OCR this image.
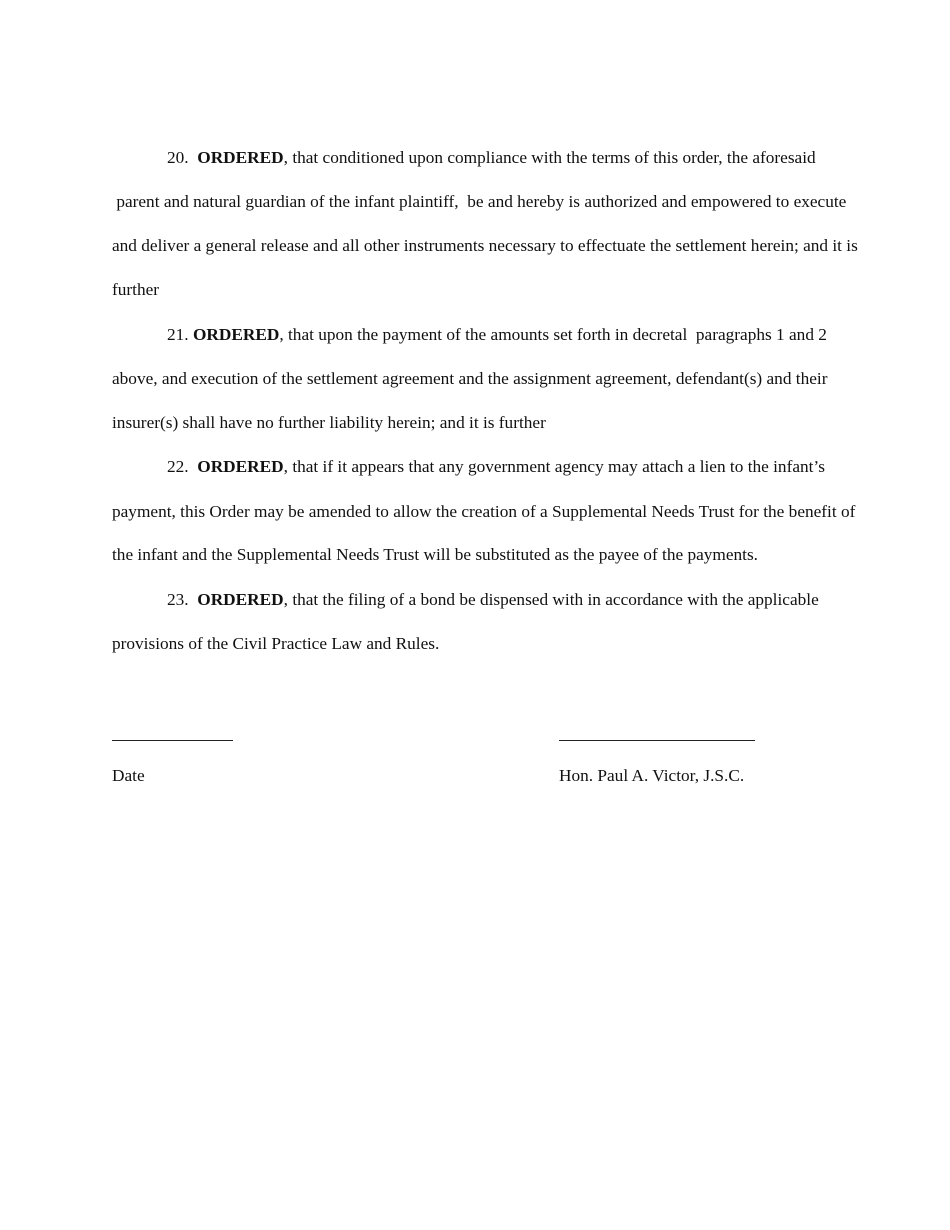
20. ORDERED, that conditioned upon compliance with the terms of this order, the aforesaid
parent and natural guardian of the infant plaintiff,  be and hereby is authorized and empowered to execute
and deliver a general release and all other instruments necessary to effectuate the settlement herein; and it is
further
21. ORDERED, that upon the payment of the amounts set forth in decretal  paragraphs 1 and 2
above, and execution of the settlement agreement and the assignment agreement, defendant(s) and their
insurer(s) shall have no further liability herein; and it is further
22. ORDERED, that if it appears that any government agency may attach a lien to the infant’s
payment, this Order may be amended to allow the creation of a Supplemental Needs Trust for the benefit of
the infant and the Supplemental Needs Trust will be substituted as the payee of the payments.
23. ORDERED, that the filing of a bond be dispensed with in accordance with the applicable
provisions of the Civil Practice Law and Rules.
Date	Hon. Paul A. Victor, J.S.C.
